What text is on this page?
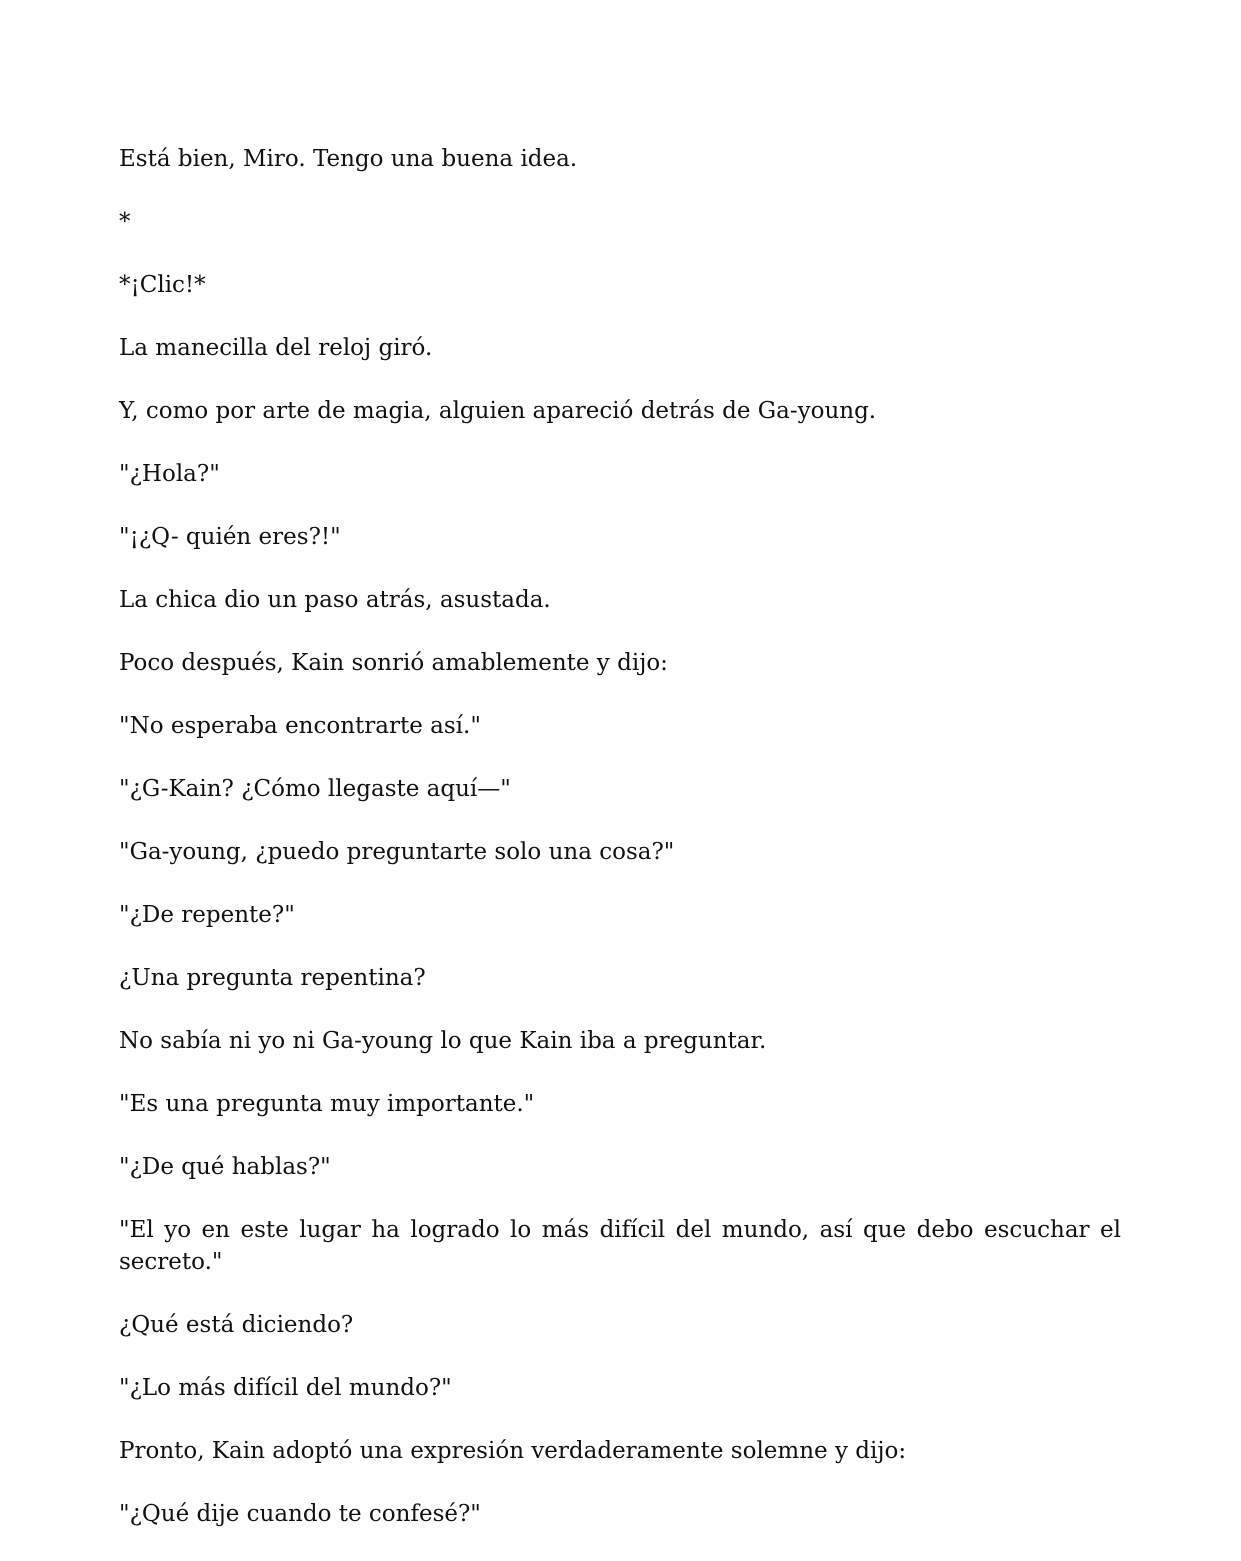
Está bien, Miro. Tengo una buena idea.

*

*¡Clic!*

La manecilla del reloj giró.

Y, como por arte de magia, alguien apareció detrás de Ga-young.

"¿Hola?"

"¡¿Q- quién eres?!"

La chica dio un paso atrás, asustada.

Poco después, Kain sonrió amablemente y dijo:

"No esperaba encontrarte así."

"¿G-Kain? ¿Cómo llegaste aquí—"

"Ga-young, ¿puedo preguntarte solo una cosa?"

"¿De repente?"

¿Una pregunta repentina?

No sabía ni yo ni Ga-young lo que Kain iba a preguntar.

"Es una pregunta muy importante."

"¿De qué hablas?"

"El yo en este lugar ha logrado lo más difícil del mundo, así que debo escuchar el secreto."

¿Qué está diciendo?

"¿Lo más difícil del mundo?"

Pronto, Kain adoptó una expresión verdaderamente solemne y dijo:

"¿Qué dije cuando te confesé?"
